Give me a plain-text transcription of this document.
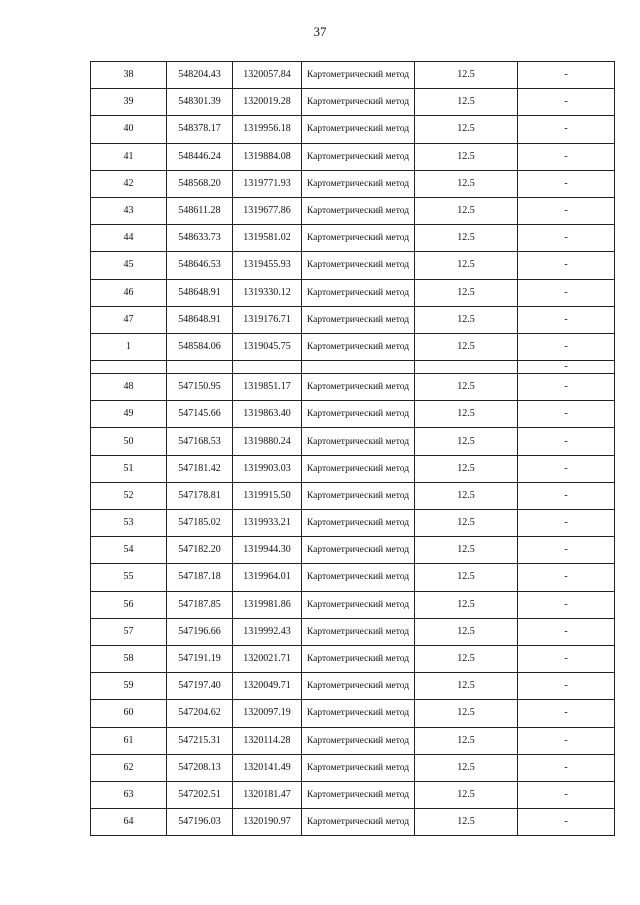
37
38	548204.43	1320057.84	Картометрический метод	12.5	-
39	548301.39	1320019.28	Картометрический метод	12.5	-
40	548378.17	1319956.18	Картометрический метод	12.5	-
41	548446.24	1319884.08	Картометрический метод	12.5	-
42	548568.20	1319771.93	Картометрический метод	12.5	-
43	548611.28	1319677.86	Картометрический метод	12.5	-
44	548633.73	1319581.02	Картометрический метод	12.5	-
45	548646.53	1319455.93	Картометрический метод	12.5	-
46	548648.91	1319330.12	Картометрический метод	12.5	-
47	548648.91	1319176.71	Картометрический метод	12.5	-
1	548584.06	1319045.75	Картометрический метод	12.5	-
					-
48	547150.95	1319851.17	Картометрический метод	12.5	-
49	547145.66	1319863.40	Картометрический метод	12.5	-
50	547168.53	1319880.24	Картометрический метод	12.5	-
51	547181.42	1319903.03	Картометрический метод	12.5	-
52	547178.81	1319915.50	Картометрический метод	12.5	-
53	547185.02	1319933.21	Картометрический метод	12.5	-
54	547182.20	1319944.30	Картометрический метод	12.5	-
55	547187.18	1319964.01	Картометрический метод	12.5	-
56	547187.85	1319981.86	Картометрический метод	12.5	-
57	547196.66	1319992.43	Картометрический метод	12.5	-
58	547191.19	1320021.71	Картометрический метод	12.5	-
59	547197.40	1320049.71	Картометрический метод	12.5	-
60	547204.62	1320097.19	Картометрический метод	12.5	-
61	547215.31	1320114.28	Картометрический метод	12.5	-
62	547208.13	1320141.49	Картометрический метод	12.5	-
63	547202.51	1320181.47	Картометрический метод	12.5	-
64	547196.03	1320190.97	Картометрический метод	12.5	-
